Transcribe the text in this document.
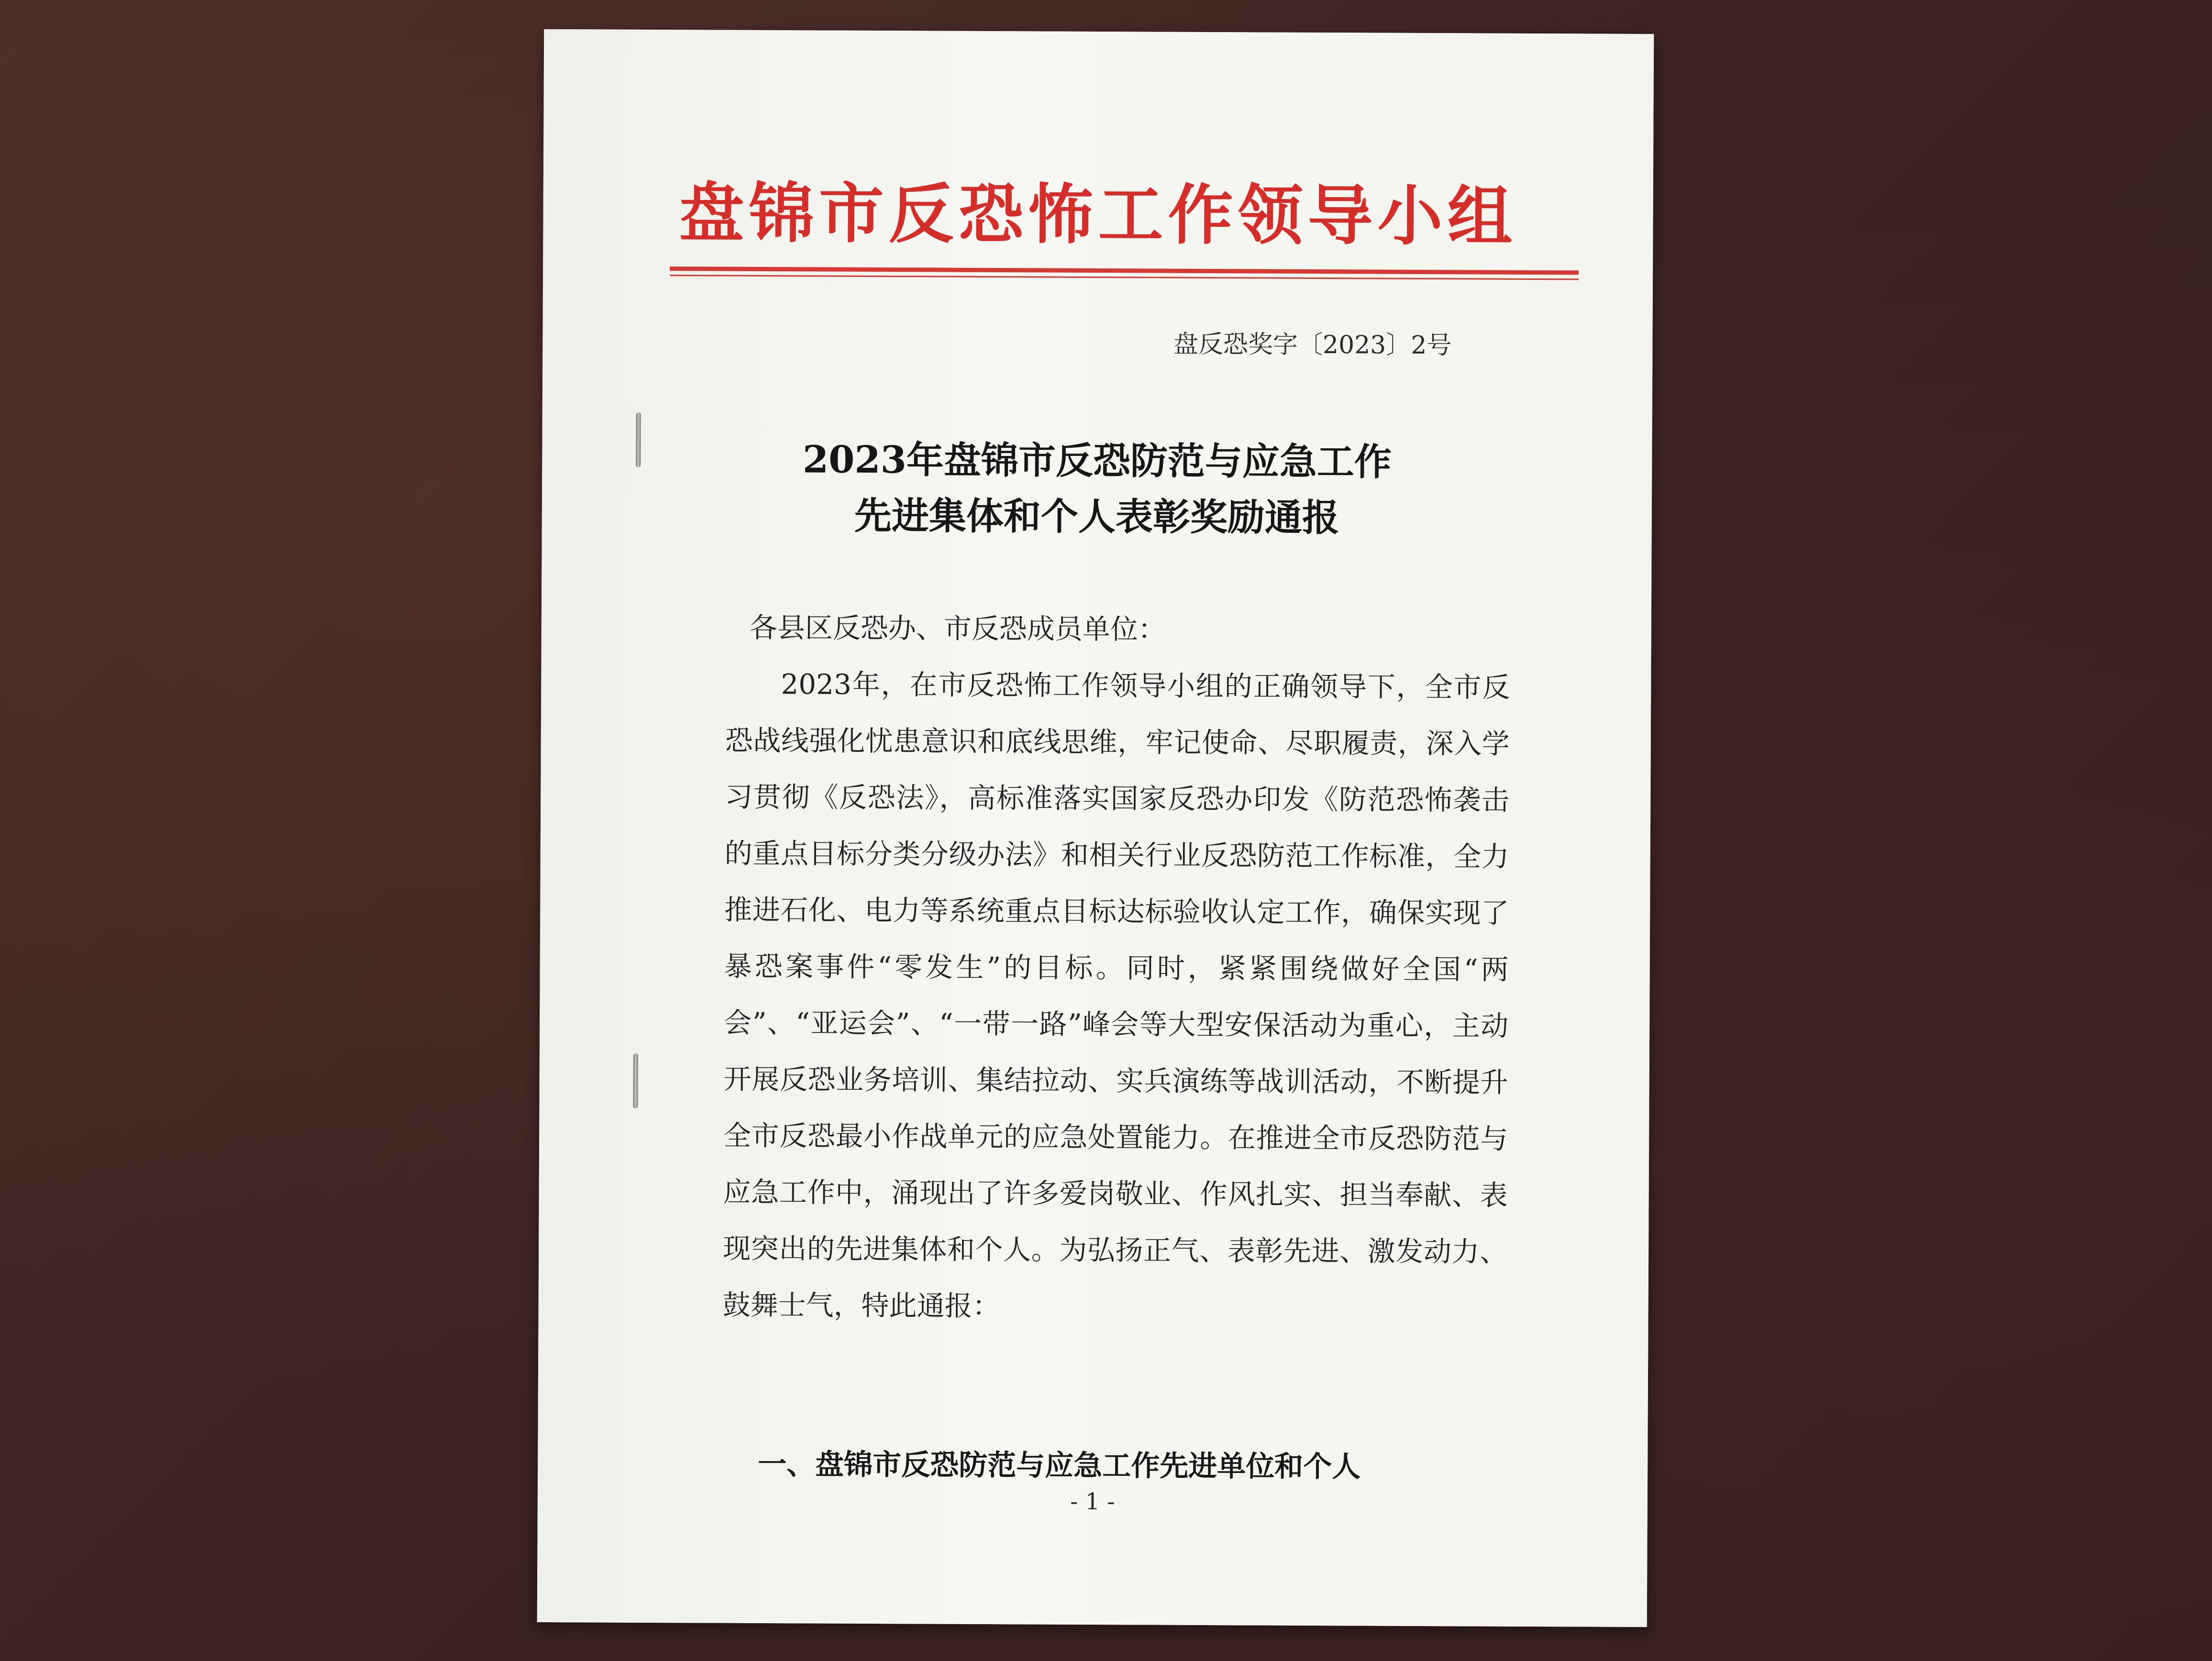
盘锦市反恐怖工作领导小组
盘反恐奖字〔2023〕2号
2023年盘锦市反恐防范与应急工作
先进集体和个人表彰奖励通报

各县区反恐办、市反恐成员单位：

2023年，在市反恐怖工作领导小组的正确领导下，全市反恐战线强化忧患意识和底线思维，牢记使命、尽职履责，深入学习贯彻《反恐法》，高标准落实国家反恐办印发《防范恐怖袭击的重点目标分类分级办法》和相关行业反恐防范工作标准，全力推进石化、电力等系统重点目标达标验收认定工作，确保实现了暴恐案事件“零发生”的目标。同时，紧紧围绕做好全国“两会”、“亚运会”、“一带一路”峰会等大型安保活动为重心，主动开展反恐业务培训、集结拉动、实兵演练等战训活动，不断提升全市反恐最小作战单元的应急处置能力。在推进全市反恐防范与应急工作中，涌现出了许多爱岗敬业、作风扎实、担当奉献、表现突出的先进集体和个人。为弘扬正气、表彰先进、激发动力、鼓舞士气，特此通报：

一、盘锦市反恐防范与应急工作先进单位和个人
- 1 -
